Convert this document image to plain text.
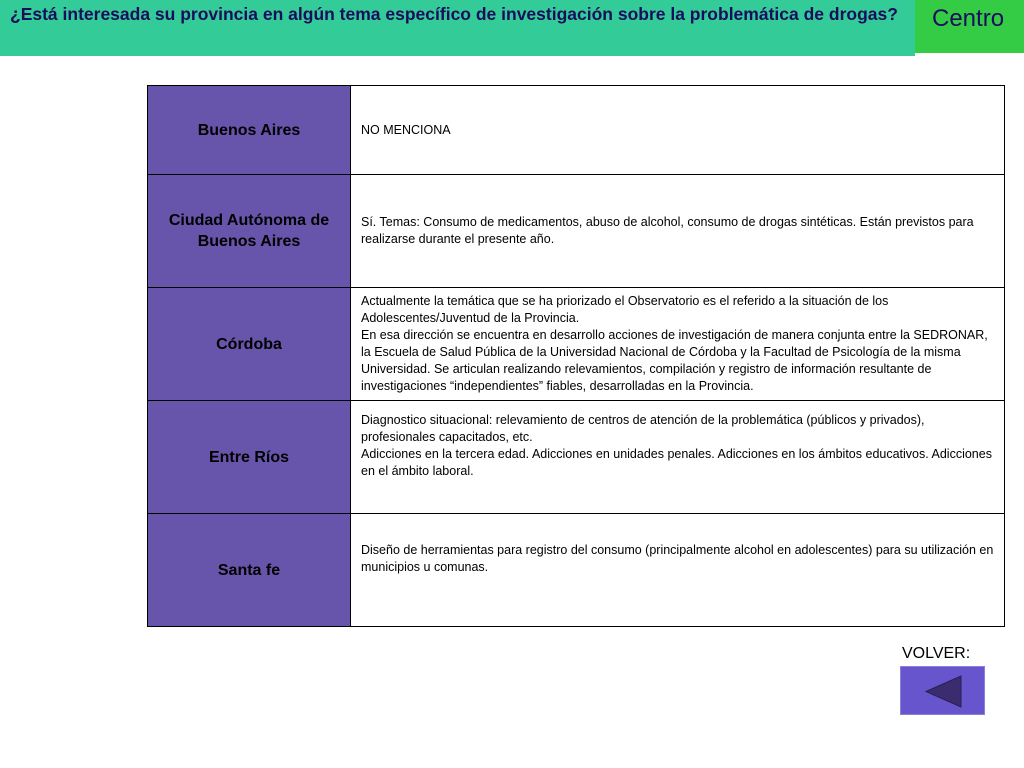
¿Está interesada su provincia en algún tema específico de investigación sobre la problemática de drogas?	Centro
Buenos Aires	NO MENCIONA
Ciudad Autónoma de Buenos Aires	Sí. Temas: Consumo de medicamentos, abuso de alcohol, consumo de drogas sintéticas. Están previstos para realizarse durante el presente año.
Córdoba	Actualmente la temática que se ha priorizado el Observatorio es el referido a la situación de los Adolescentes/Juventud de la Provincia.
En esa dirección se encuentra en desarrollo acciones de investigación de manera conjunta entre la SEDRONAR, la Escuela de Salud Pública de la Universidad Nacional de Córdoba y la Facultad de Psicología de la misma Universidad. Se articulan realizando relevamientos, compilación y registro de información resultante de investigaciones “independientes” fiables, desarrolladas en la Provincia.
Entre Ríos	Diagnostico situacional: relevamiento de centros de atención de la problemática (públicos y privados), profesionales capacitados, etc.
Adicciones en la tercera edad. Adicciones en unidades penales. Adicciones en los ámbitos educativos. Adicciones en el ámbito laboral.
Santa fe	Diseño de herramientas para registro del consumo (principalmente alcohol en adolescentes) para su utilización en municipios u comunas.
VOLVER:
